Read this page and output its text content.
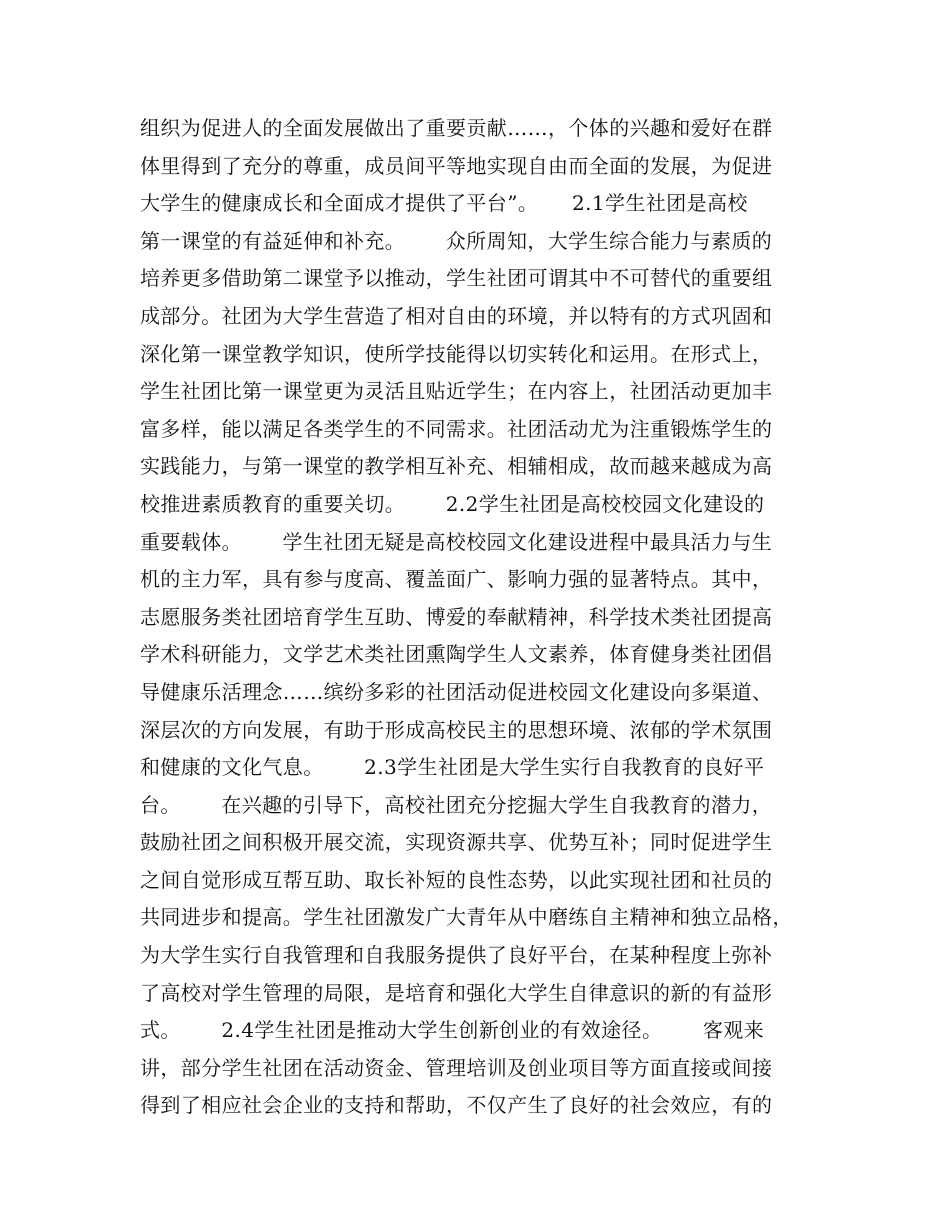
组织为促进人的全面发展做出了重要贡献……，个体的兴趣和爱好在群
体里得到了充分的尊重，成员间平等地实现自由而全面的发展，为促进
大学生的健康成长和全面成才提供了平台”。     2.1学生社团是高校
第一课堂的有益延伸和补充。      众所周知，大学生综合能力与素质的
培养更多借助第二课堂予以推动，学生社团可谓其中不可替代的重要组
成部分。社团为大学生营造了相对自由的环境，并以特有的方式巩固和
深化第一课堂教学知识，使所学技能得以切实转化和运用。在形式上，
学生社团比第一课堂更为灵活且贴近学生；在内容上，社团活动更加丰
富多样，能以满足各类学生的不同需求。社团活动尤为注重锻炼学生的
实践能力，与第一课堂的教学相互补充、相辅相成，故而越来越成为高
校推进素质教育的重要关切。      2.2学生社团是高校校园文化建设的
重要载体。      学生社团无疑是高校校园文化建设进程中最具活力与生
机的主力军，具有参与度高、覆盖面广、影响力强的显著特点。其中，
志愿服务类社团培育学生互助、博爱的奉献精神，科学技术类社团提高
学术科研能力，文学艺术类社团熏陶学生人文素养，体育健身类社团倡
导健康乐活理念……缤纷多彩的社团活动促进校园文化建设向多渠道、
深层次的方向发展，有助于形成高校民主的思想环境、浓郁的学术氛围
和健康的文化气息。      2.3学生社团是大学生实行自我教育的良好平
台。      在兴趣的引导下，高校社团充分挖掘大学生自我教育的潜力，
鼓励社团之间积极开展交流，实现资源共享、优势互补；同时促进学生
之间自觉形成互帮互助、取长补短的良性态势，以此实现社团和社员的
共同进步和提高。学生社团激发广大青年从中磨练自主精神和独立品格，
为大学生实行自我管理和自我服务提供了良好平台，在某种程度上弥补
了高校对学生管理的局限，是培育和强化大学生自律意识的新的有益形
式。      2.4学生社团是推动大学生创新创业的有效途径。      客观来
讲，部分学生社团在活动资金、管理培训及创业项目等方面直接或间接
得到了相应社会企业的支持和帮助，不仅产生了良好的社会效应，有的
